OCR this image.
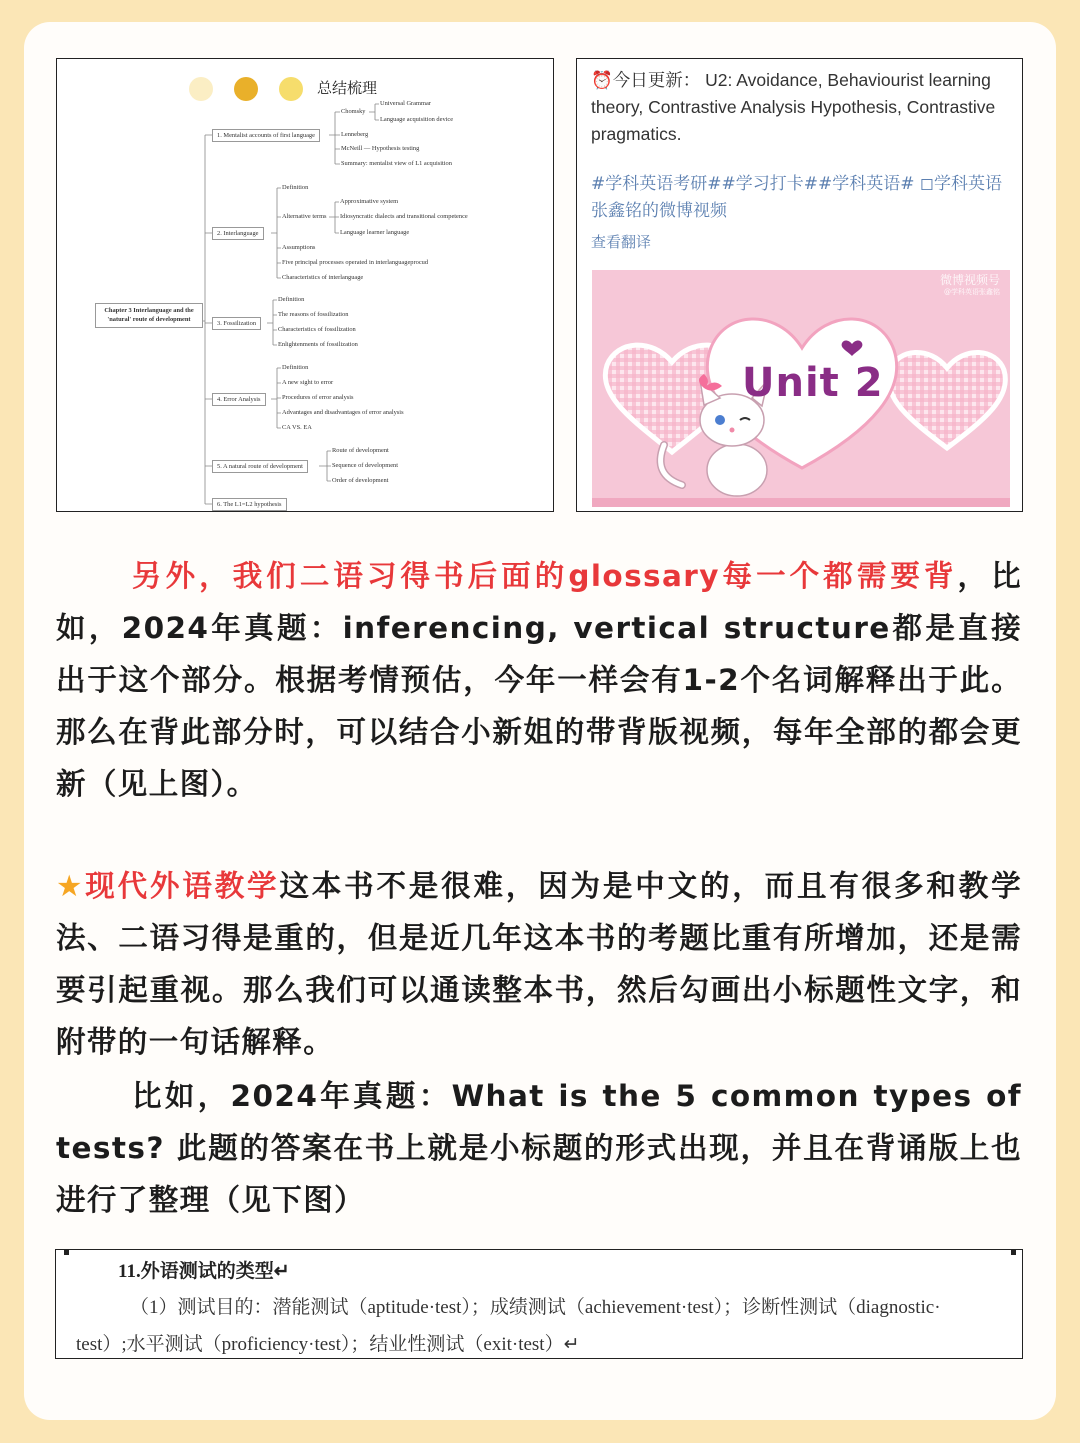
总结梳理
Chapter 3 Interlanguage and the 'natural' route of development
1. Mentalist accounts of first language
Chomsky
Universal Grammar
Language acquisition device
Lenneberg
McNeill — Hypothesis testing
Summary: mentalist view of L1 acquisition
2. Interlanguage
Definition
Alternative terms
Approximative system
Idiosyncratic dialects and transitional competence
Language learner language
Assumptions
Five principal processes operated in interlanguageprocud
Characteristics of interlanguage
3. Fossilization
Definition
The reasons of fossilization
Characteristics of fossilization
Enlightenments of fossilization
4. Error Analysis
Definition
A new sight to error
Procedures of error analysis
Advantages and disadvantages of error analysis
CA VS. EA
5. A natural route of development
Route of development
Sequence of development
Order of development
6. The L1=L2 hypothesis
⏰今日更新： U2: Avoidance, Behaviourist learning theory, Contrastive Analysis Hypothesis, Contrastive pragmatics.
#学科英语考研##学习打卡##学科英语# ◻学科英语张鑫铭的微博视频
查看翻译
微博视频号
@学科英语张鑫铭
Unit 2
另外，我们二语习得书后面的glossary每一个都需要背，比如，2024年真题：inferencing, vertical structure都是直接出于这个部分。根据考情预估，今年一样会有1-2个名词解释出于此。那么在背此部分时，可以结合小新姐的带背版视频，每年全部的都会更新（见上图）。
★现代外语教学这本书不是很难，因为是中文的，而且有很多和教学法、二语习得是重的，但是近几年这本书的考题比重有所增加，还是需要引起重视。那么我们可以通读整本书，然后勾画出小标题性文字，和附带的一句话解释。
比如，2024年真题：What is the 5 common types of tests? 此题的答案在书上就是小标题的形式出现，并且在背诵版上也进行了整理（见下图）
11.外语测试的类型↵
（1）测试目的：潜能测试（aptitude·test）；成绩测试（achievement·test）；诊断性测试（diagnostic·
test）;水平测试（proficiency·test）；结业性测试（exit·test）↵
